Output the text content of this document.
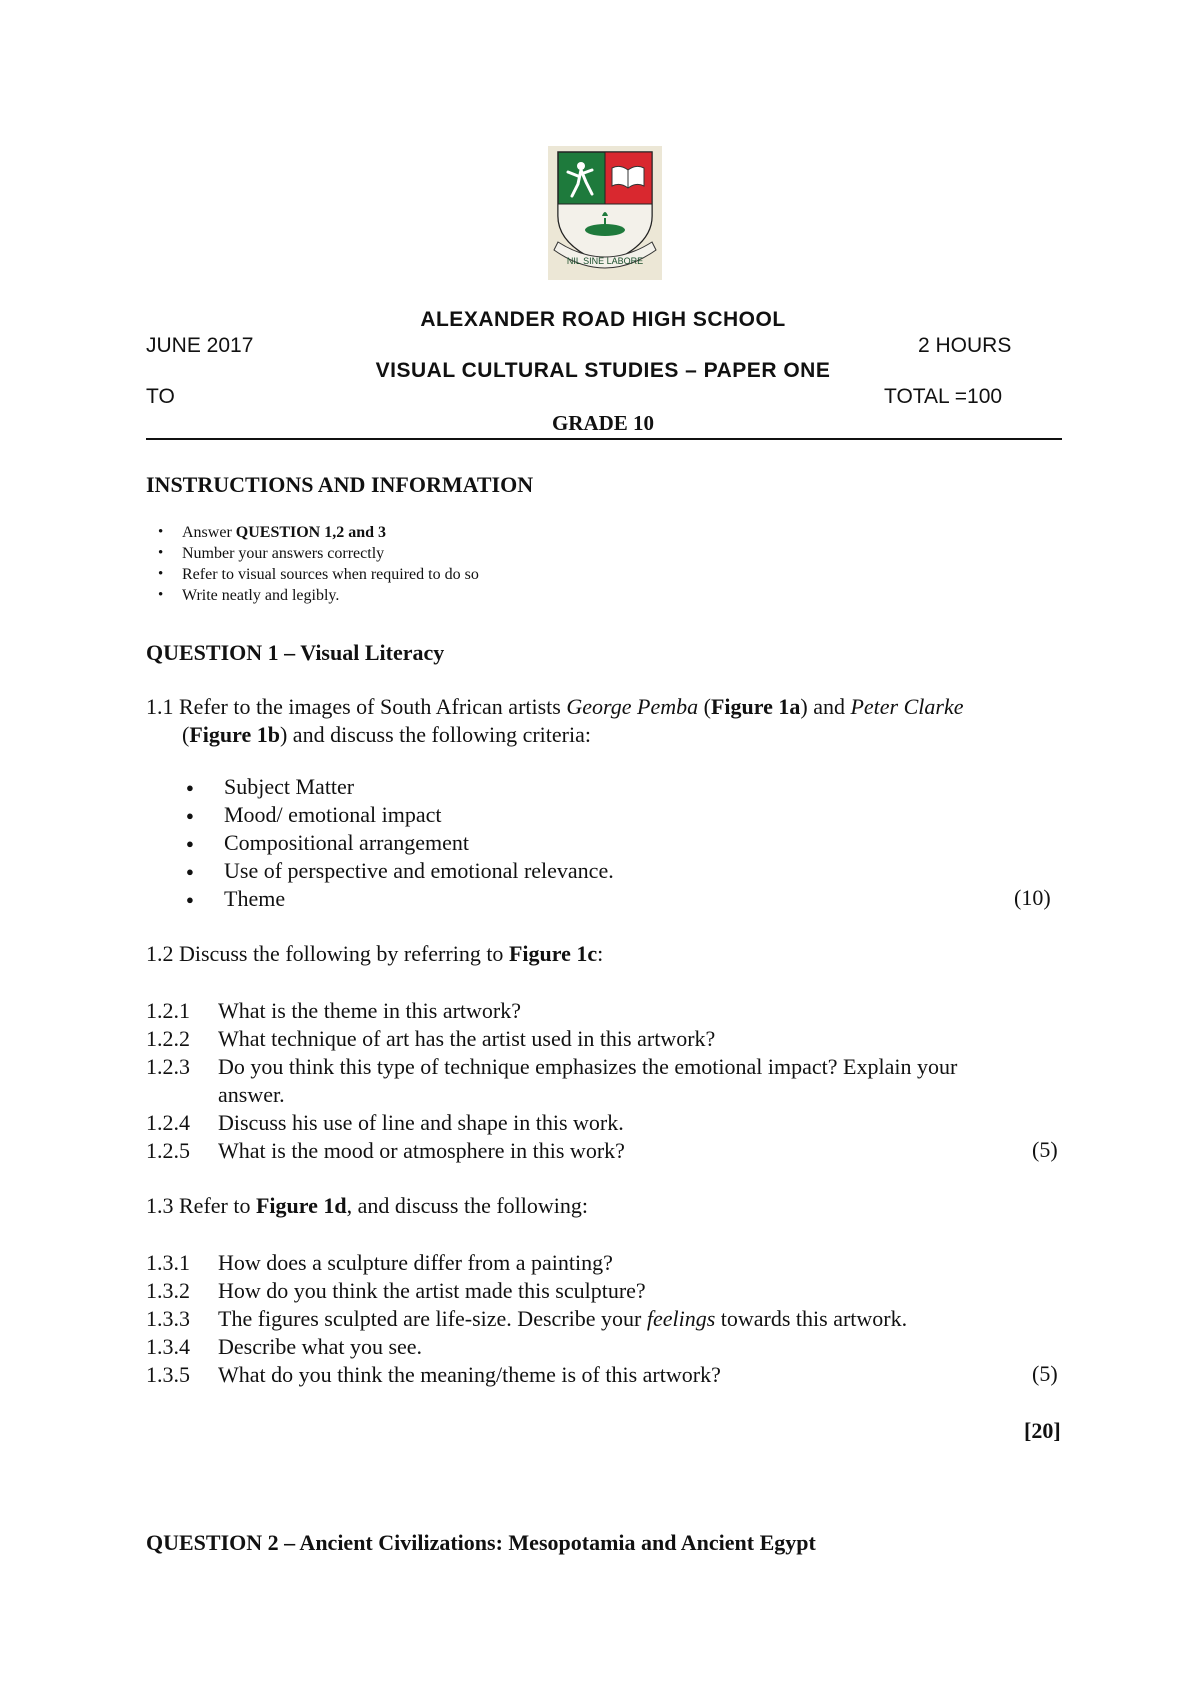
NIL SINE LABORE
ALEXANDER ROAD HIGH SCHOOL
JUNE 2017	2 HOURS
VISUAL CULTURAL STUDIES – PAPER ONE
TO	TOTAL =100
GRADE 10
INSTRUCTIONS AND INFORMATION
• Answer QUESTION 1,2 and 3
• Number your answers correctly
• Refer to visual sources when required to do so
• Write neatly and legibly.
QUESTION 1 – Visual Literacy
1.1 Refer to the images of South African artists George Pemba (Figure 1a) and Peter Clarke
(Figure 1b) and discuss the following criteria:
● Subject Matter
● Mood/ emotional impact
● Compositional arrangement
● Use of perspective and emotional relevance.
● Theme	(10)
1.2 Discuss the following by referring to Figure 1c:
1.2.1 What is the theme in this artwork?
1.2.2 What technique of art has the artist used in this artwork?
1.2.3 Do you think this type of technique emphasizes the emotional impact? Explain your
answer.
1.2.4 Discuss his use of line and shape in this work.
1.2.5 What is the mood or atmosphere in this work?	(5)
1.3 Refer to Figure 1d, and discuss the following:
1.3.1 How does a sculpture differ from a painting?
1.3.2 How do you think the artist made this sculpture?
1.3.3 The figures sculpted are life-size. Describe your feelings towards this artwork.
1.3.4 Describe what you see.
1.3.5 What do you think the meaning/theme is of this artwork?	(5)
[20]
QUESTION 2 – Ancient Civilizations: Mesopotamia and Ancient Egypt
